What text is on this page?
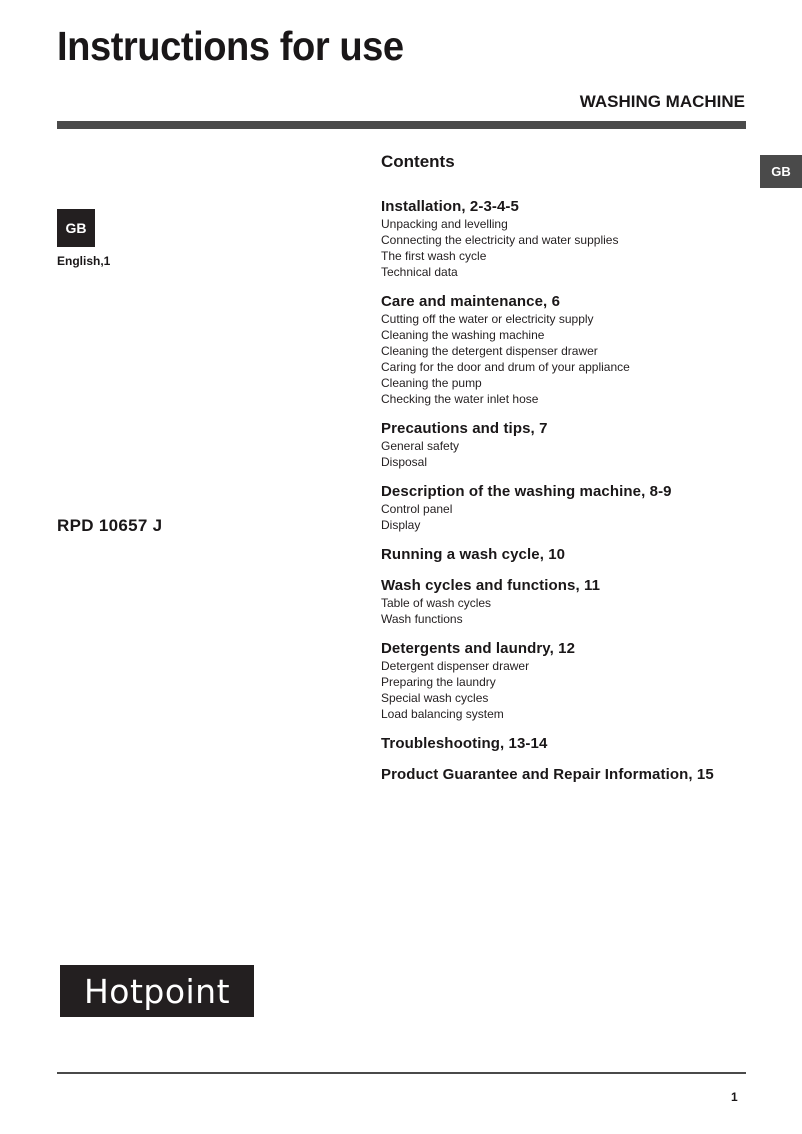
Instructions for use
WASHING MACHINE
GB
GB
English,1
RPD 10657 J
Contents
Installation, 2-3-4-5
Unpacking and levelling
Connecting the electricity and water supplies
The first wash cycle
Technical data
Care and maintenance, 6
Cutting off the water or electricity supply
Cleaning the washing machine
Cleaning the detergent dispenser drawer
Caring for the door and drum of your appliance
Cleaning the pump
Checking the water inlet hose
Precautions and tips, 7
General safety
Disposal
Description of the washing machine, 8-9
Control panel
Display
Running a wash cycle, 10
Wash cycles and functions, 11
Table of wash cycles
Wash functions
Detergents and laundry, 12
Detergent dispenser drawer
Preparing the laundry
Special wash cycles
Load balancing system
Troubleshooting, 13-14
Product Guarantee and Repair Information, 15
Hotpoint
1
